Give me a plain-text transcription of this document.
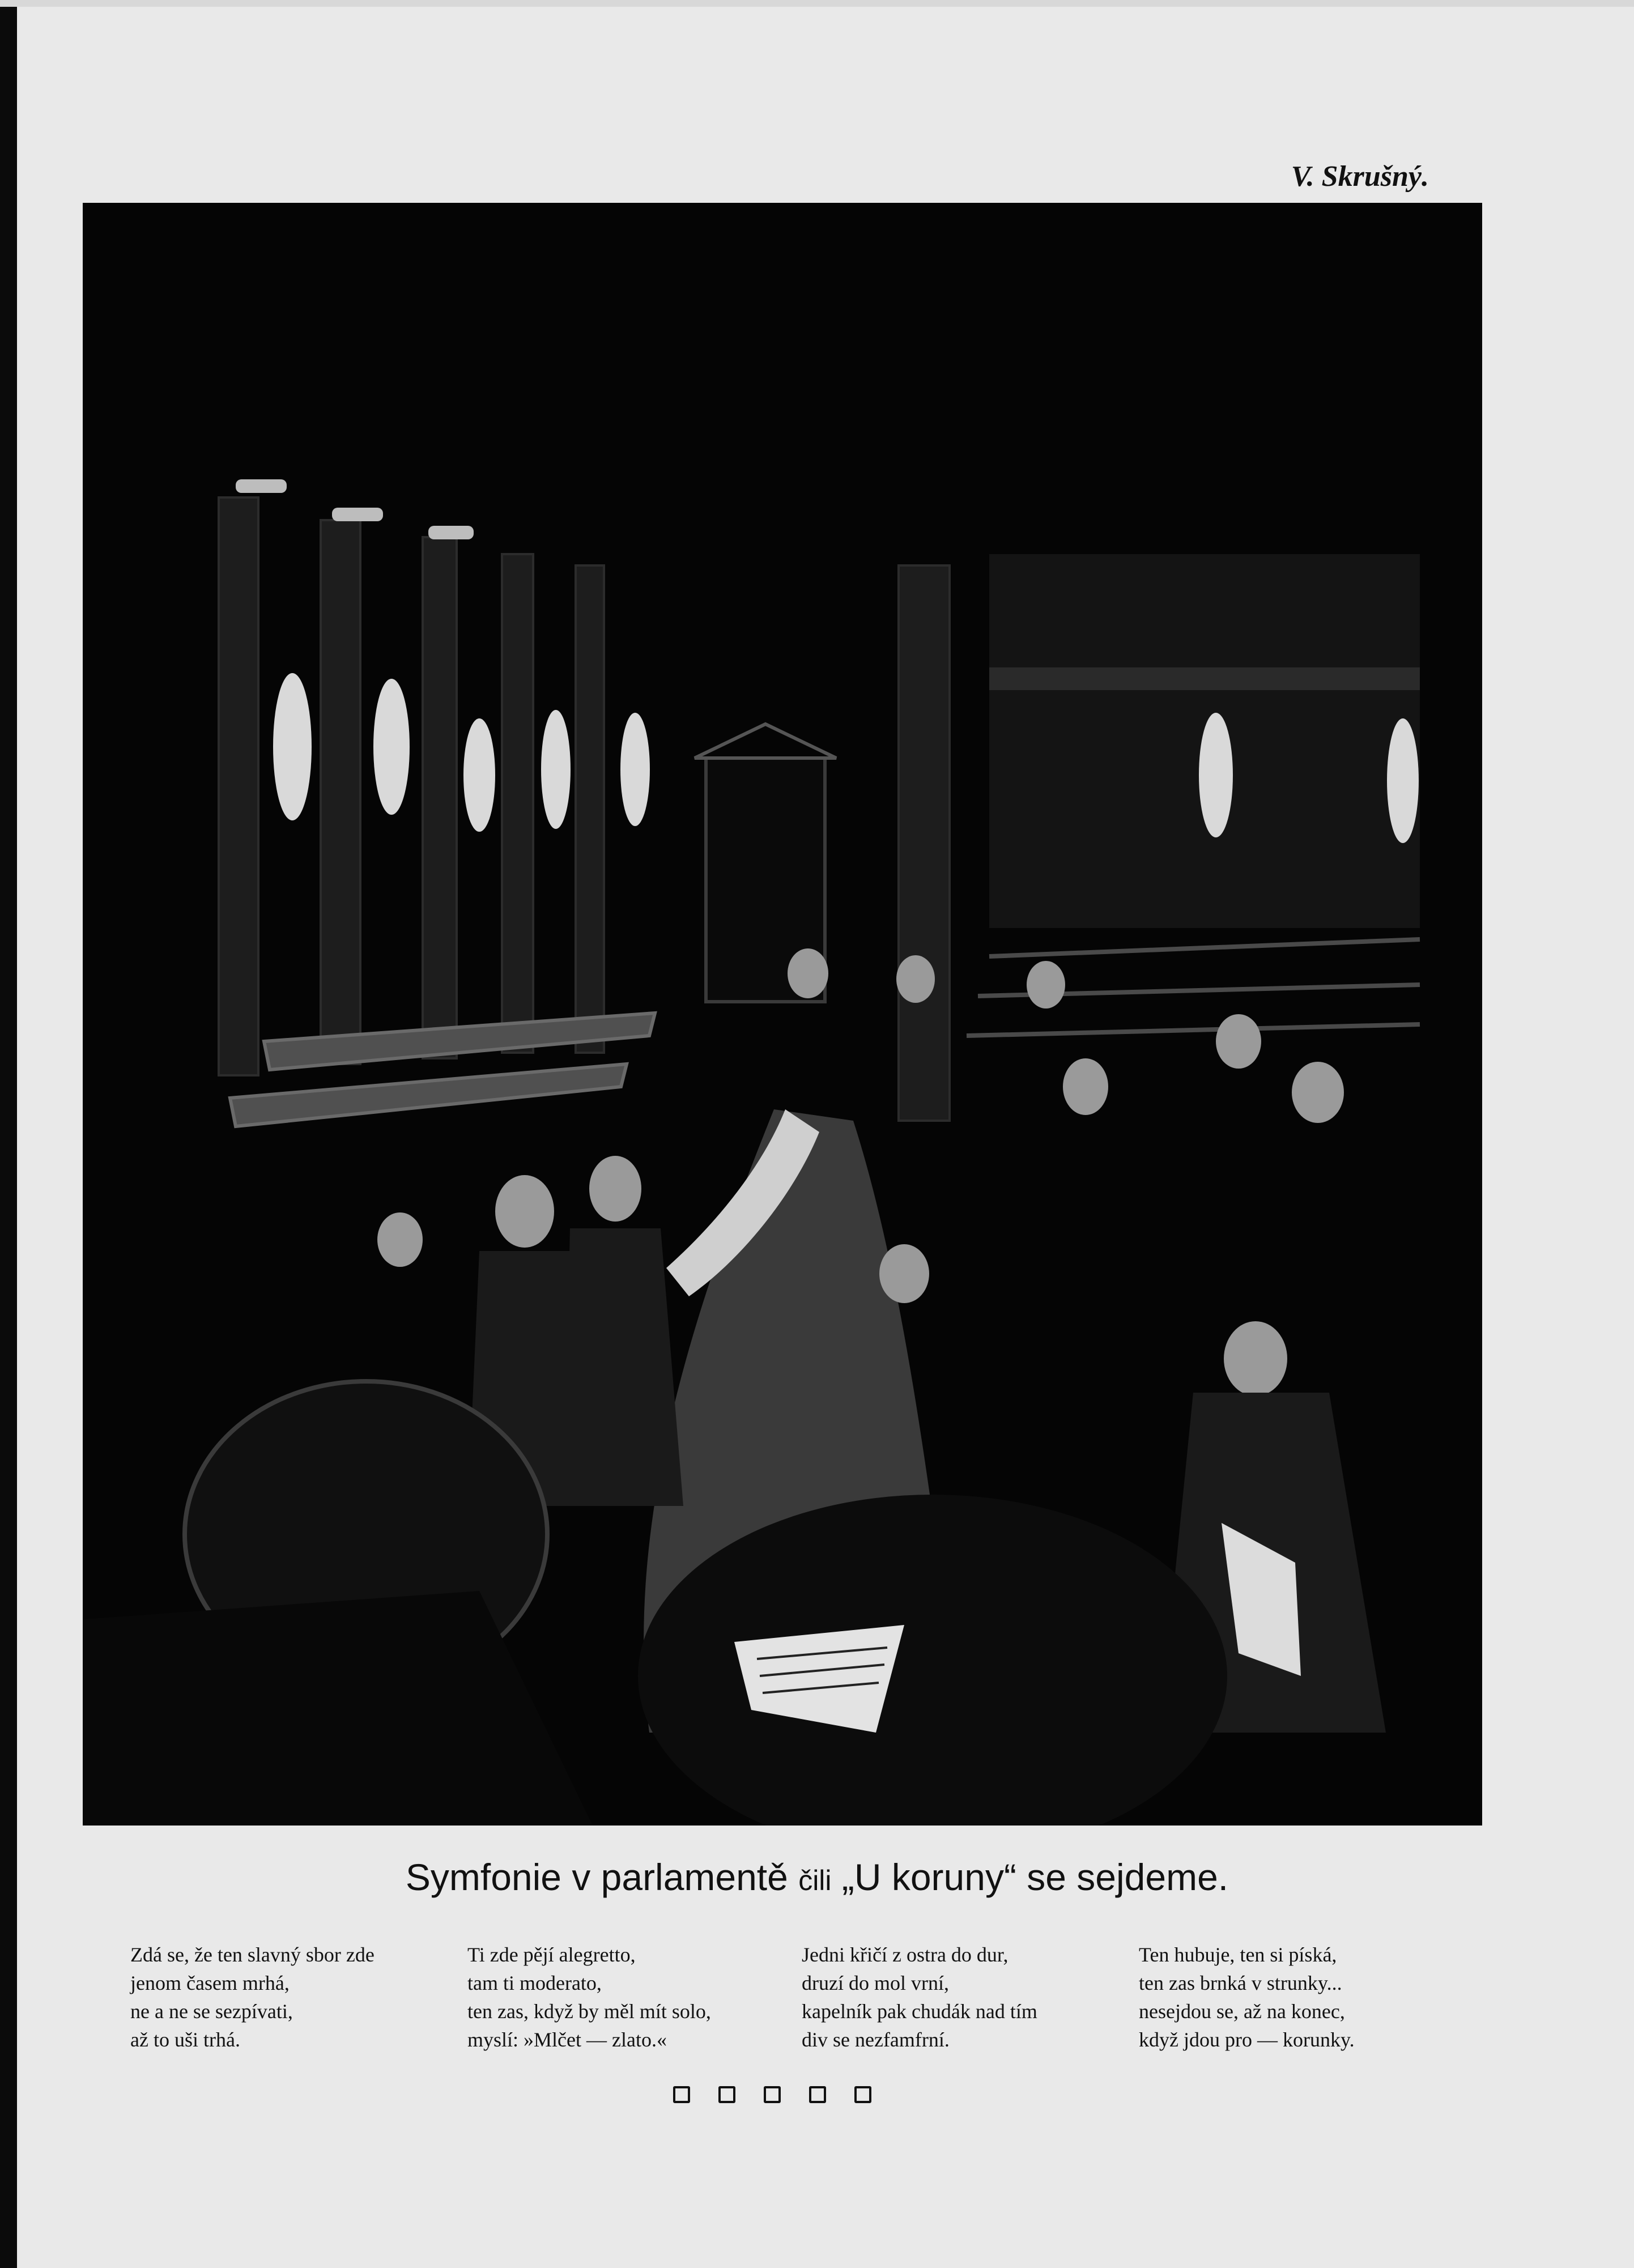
V. Skrušný.
Symfonie v parlamentě čili „U koruny“ se sejdeme.
Zdá se, že ten slavný sbor zde
jenom časem mrhá,
ne a ne se sezpívati,
až to uši trhá.
Ti zde pějí alegretto,
tam ti moderato,
ten zas, když by měl mít solo,
myslí: »Mlčet — zlato.«
Jedni křičí z ostra do dur,
druzí do mol vrní,
kapelník pak chudák nad tím
div se nezfamfrní.
Ten hubuje, ten si píská,
ten zas brnká v strunky...
nesejdou se, až na konec,
když jdou pro — korunky.
